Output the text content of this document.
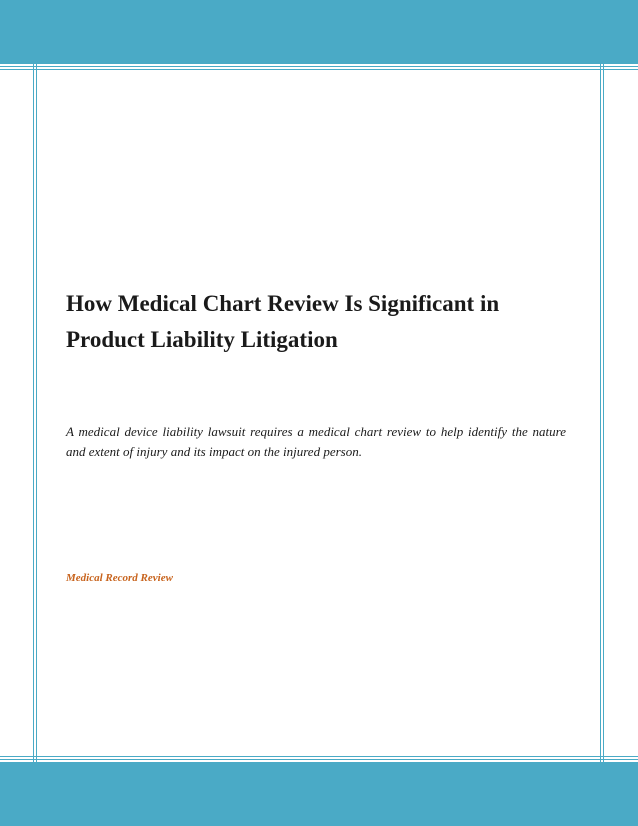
How Medical Chart Review Is Significant in Product Liability Litigation

A medical device liability lawsuit requires a medical chart review to help identify the nature and extent of injury and its impact on the injured person.

Medical Record Review
